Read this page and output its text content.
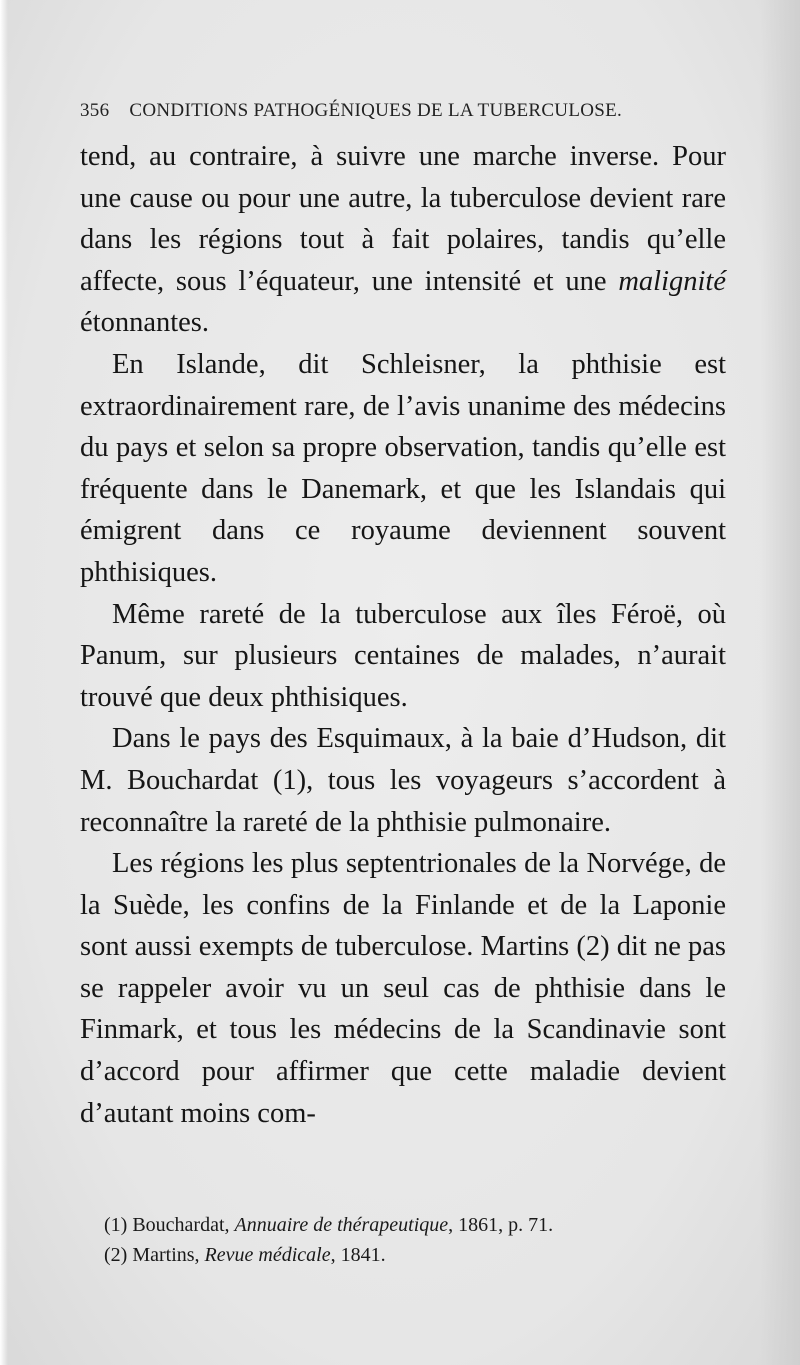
356 CONDITIONS PATHOGÉNIQUES DE LA TUBERCULOSE.

tend, au contraire, à suivre une marche inverse. Pour une cause ou pour une autre, la tuberculose devient rare dans les régions tout à fait polaires, tandis qu’elle affecte, sous l’équateur, une intensité et une malignité étonnantes.

En Islande, dit Schleisner, la phthisie est extraordinairement rare, de l’avis unanime des médecins du pays et selon sa propre observation, tandis qu’elle est fréquente dans le Danemark, et que les Islandais qui émigrent dans ce royaume deviennent souvent phthisiques.

Même rareté de la tuberculose aux îles Féroë, où Panum, sur plusieurs centaines de malades, n’aurait trouvé que deux phthisiques.

Dans le pays des Esquimaux, à la baie d’Hudson, dit M. Bouchardat (1), tous les voyageurs s’accordent à reconnaître la rareté de la phthisie pulmonaire.

Les régions les plus septentrionales de la Norvége, de la Suède, les confins de la Finlande et de la Laponie sont aussi exempts de tuberculose. Martins (2) dit ne pas se rappeler avoir vu un seul cas de phthisie dans le Finmark, et tous les médecins de la Scandinavie sont d’accord pour affirmer que cette maladie devient d’autant moins com-

(1) Bouchardat, Annuaire de thérapeutique, 1861, p. 71.
(2) Martins, Revue médicale, 1841.
